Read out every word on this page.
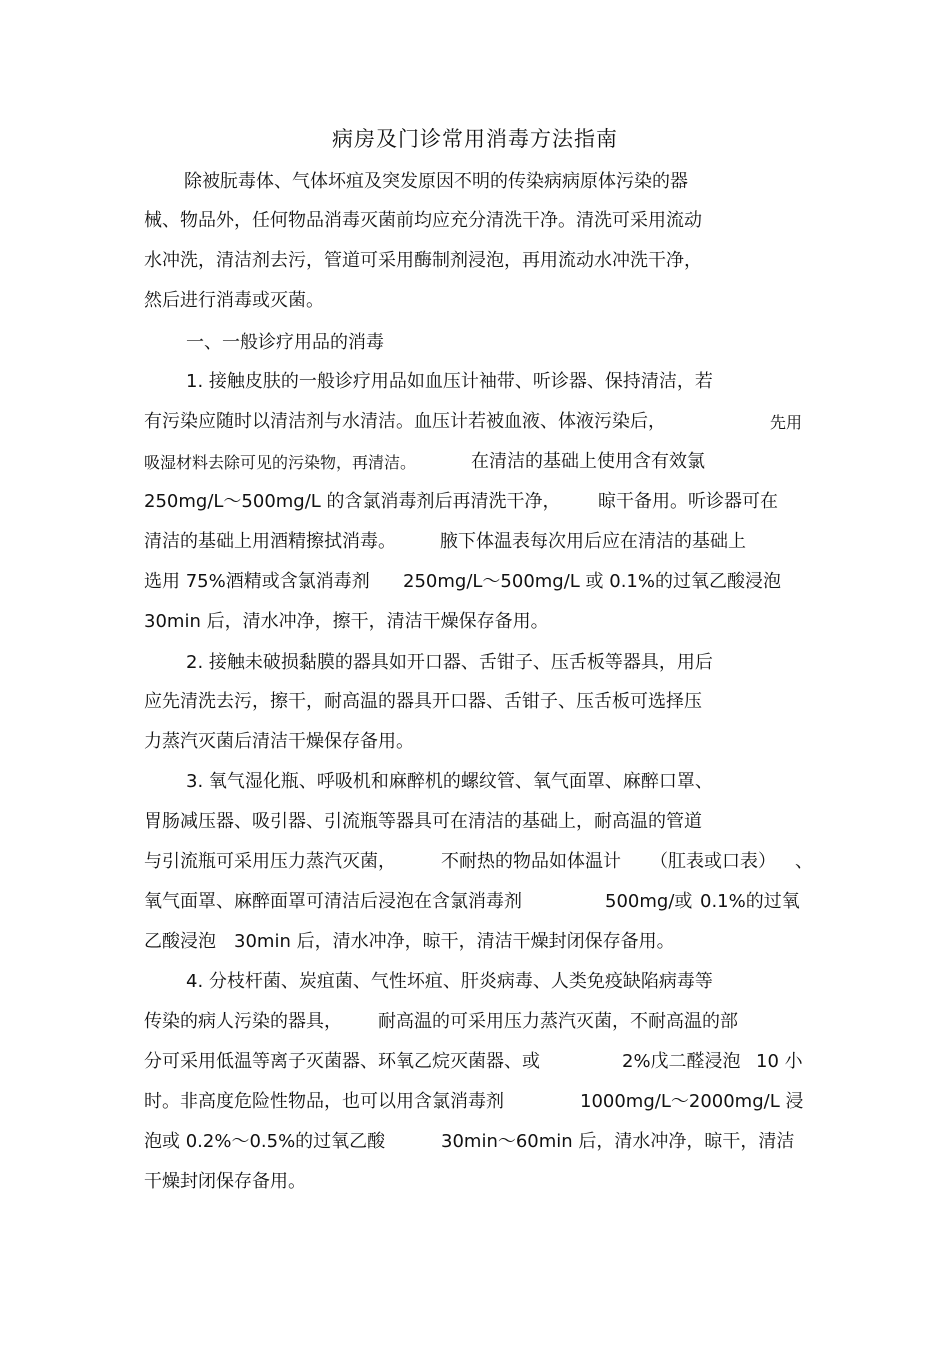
病房及门诊常用消毒方法指南
除被朊毒体、气体坏疽及突发原因不明的传染病病原体污染的器
械、物品外，任何物品消毒灭菌前均应充分清洗干净。清洗可采用流动
水冲洗，清洁剂去污，管道可采用酶制剂浸泡，再用流动水冲洗干净，
然后进行消毒或灭菌。
一、一般诊疗用品的消毒
1. 接触皮肤的一般诊疗用品如血压计袖带、听诊器、保持清洁，若
有污染应随时以清洁剂与水清洁。血压计若被血液、体液污染后，	先用
吸湿材料去除可见的污染物，再清洁。	在清洁的基础上使用含有效氯
250mg/L～500mg/L 的含氯消毒剂后再清洗干净， 晾干备用。听诊器可在
清洁的基础上用酒精擦拭消毒。 腋下体温表每次用后应在清洁的基础上
选用 75%酒精或含氯消毒剂 250mg/L～500mg/L 或 0.1%的过氧乙酸浸泡
30min 后，清水冲净，擦干，清洁干燥保存备用。
2. 接触未破损黏膜的器具如开口器、舌钳子、压舌板等器具，用后
应先清洗去污，擦干，耐高温的器具开口器、舌钳子、压舌板可选择压
力蒸汽灭菌后清洁干燥保存备用。
3. 氧气湿化瓶、呼吸机和麻醉机的螺纹管、氧气面罩、麻醉口罩、
胃肠减压器、吸引器、引流瓶等器具可在清洁的基础上，耐高温的管道
与引流瓶可采用压力蒸汽灭菌，	不耐热的物品如体温计 （肛表或口表） 、
氧气面罩、麻醉面罩可清洁后浸泡在含氯消毒剂	500mg/或 0.1%的过氧
乙酸浸泡 30min 后，清水冲净，晾干，清洁干燥封闭保存备用。
4. 分枝杆菌、炭疽菌、气性坏疽、肝炎病毒、人类免疫缺陷病毒等
传染的病人污染的器具， 耐高温的可采用压力蒸汽灭菌，不耐高温的部
分可采用低温等离子灭菌器、环氧乙烷灭菌器、或	2%戊二醛浸泡 10 小
时。非高度危险性物品，也可以用含氯消毒剂	1000mg/L～2000mg/L 浸
泡或 0.2%～0.5%的过氧乙酸	30min～60min 后，清水冲净，晾干，清洁
干燥封闭保存备用。
